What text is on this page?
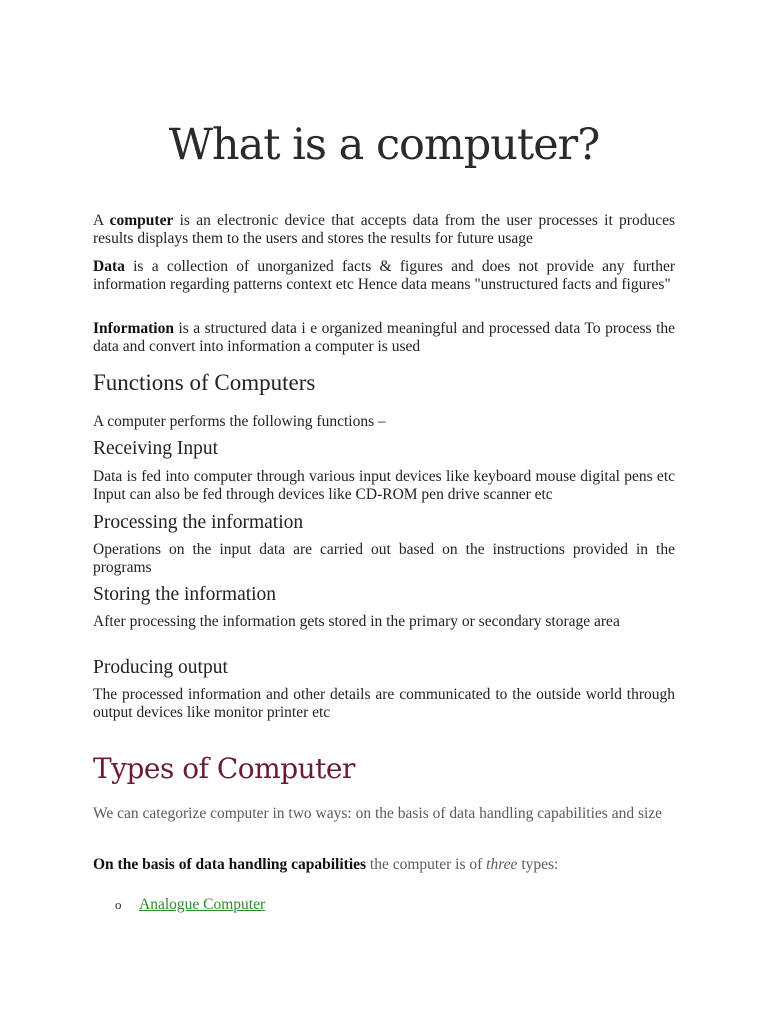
What is a computer?

A computer is an electronic device that accepts data from the user processes it produces results displays them to the users and stores the results for future usage

Data is a collection of unorganized facts & figures and does not provide any further information regarding patterns context etc Hence data means "unstructured facts and figures"

Information is a structured data i e organized meaningful and processed data To process the data and convert into information a computer is used

Functions of Computers

A computer performs the following functions –

Receiving Input

Data is fed into computer through various input devices like keyboard mouse digital pens etc Input can also be fed through devices like CD-ROM pen drive scanner etc

Processing the information

Operations on the input data are carried out based on the instructions provided in the programs

Storing the information

After processing the information gets stored in the primary or secondary storage area

Producing output

The processed information and other details are communicated to the outside world through output devices like monitor printer etc

Types of Computer

We can categorize computer in two ways: on the basis of data handling capabilities and size

On the basis of data handling capabilities the computer is of three types:

o Analogue Computer
